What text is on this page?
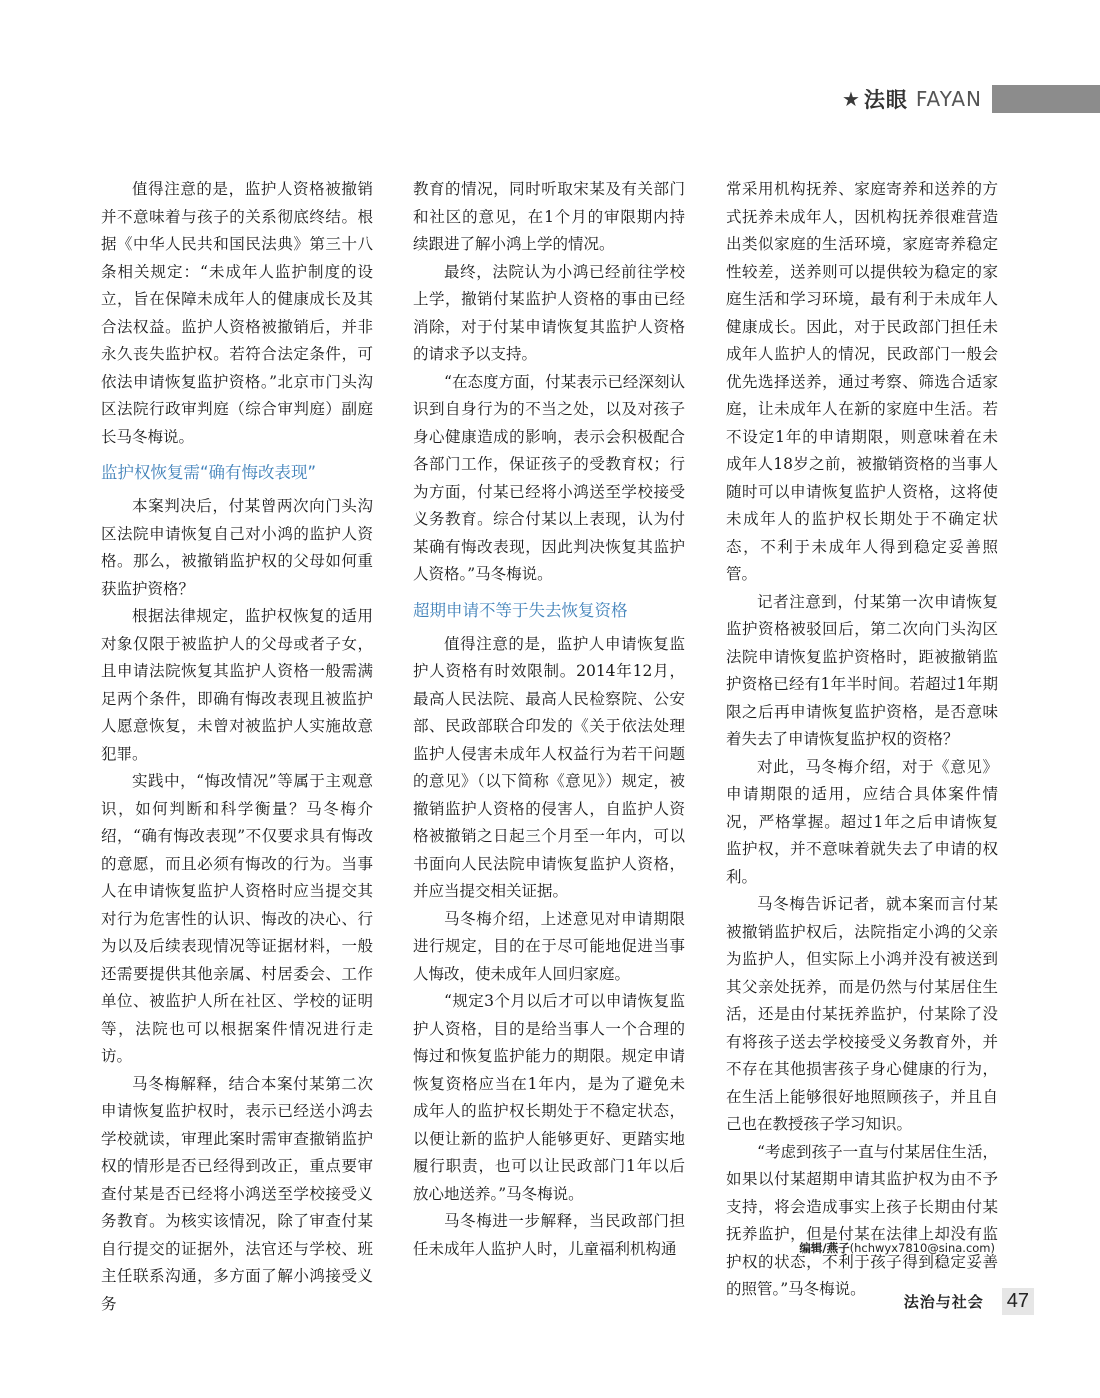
★ 法眼 FAYAN

值得注意的是，监护人资格被撤销并不意味着与孩子的关系彻底终结。根据《中华人民共和国民法典》第三十八条相关规定：“未成年人监护制度的设立，旨在保障未成年人的健康成长及其合法权益。监护人资格被撤销后，并非永久丧失监护权。若符合法定条件，可依法申请恢复监护资格。”北京市门头沟区法院行政审判庭（综合审判庭）副庭长马冬梅说。

监护权恢复需“确有悔改表现”

本案判决后，付某曾两次向门头沟区法院申请恢复自己对小鸿的监护人资格。那么，被撤销监护权的父母如何重获监护资格？

根据法律规定，监护权恢复的适用对象仅限于被监护人的父母或者子女，且申请法院恢复其监护人资格一般需满足两个条件，即确有悔改表现且被监护人愿意恢复，未曾对被监护人实施故意犯罪。

实践中，“悔改情况”等属于主观意识，如何判断和科学衡量？马冬梅介绍，“确有悔改表现”不仅要求具有悔改的意愿，而且必须有悔改的行为。当事人在申请恢复监护人资格时应当提交其对行为危害性的认识、悔改的决心、行为以及后续表现情况等证据材料，一般还需要提供其他亲属、村居委会、工作单位、被监护人所在社区、学校的证明等，法院也可以根据案件情况进行走访。

马冬梅解释，结合本案付某第二次申请恢复监护权时，表示已经送小鸿去学校就读，审理此案时需审查撤销监护权的情形是否已经得到改正，重点要审查付某是否已经将小鸿送至学校接受义务教育。为核实该情况，除了审查付某自行提交的证据外，法官还与学校、班主任联系沟通，多方面了解小鸿接受义务

教育的情况，同时听取宋某及有关部门和社区的意见，在1个月的审限期内持续跟进了解小鸿上学的情况。

最终，法院认为小鸿已经前往学校上学，撤销付某监护人资格的事由已经消除，对于付某申请恢复其监护人资格的请求予以支持。

“在态度方面，付某表示已经深刻认识到自身行为的不当之处，以及对孩子身心健康造成的影响，表示会积极配合各部门工作，保证孩子的受教育权；行为方面，付某已经将小鸿送至学校接受义务教育。综合付某以上表现，认为付某确有悔改表现，因此判决恢复其监护人资格。”马冬梅说。

超期申请不等于失去恢复资格

值得注意的是，监护人申请恢复监护人资格有时效限制。2014年12月，最高人民法院、最高人民检察院、公安部、民政部联合印发的《关于依法处理监护人侵害未成年人权益行为若干问题的意见》（以下简称《意见》）规定，被撤销监护人资格的侵害人，自监护人资格被撤销之日起三个月至一年内，可以书面向人民法院申请恢复监护人资格，并应当提交相关证据。

马冬梅介绍，上述意见对申请期限进行规定，目的在于尽可能地促进当事人悔改，使未成年人回归家庭。

“规定3个月以后才可以申请恢复监护人资格，目的是给当事人一个合理的悔过和恢复监护能力的期限。规定申请恢复资格应当在1年内，是为了避免未成年人的监护权长期处于不稳定状态，以便让新的监护人能够更好、更踏实地履行职责，也可以让民政部门1年以后放心地送养。”马冬梅说。

马冬梅进一步解释，当民政部门担任未成年人监护人时，儿童福利机构通

常采用机构抚养、家庭寄养和送养的方式抚养未成年人，因机构抚养很难营造出类似家庭的生活环境，家庭寄养稳定性较差，送养则可以提供较为稳定的家庭生活和学习环境，最有利于未成年人健康成长。因此，对于民政部门担任未成年人监护人的情况，民政部门一般会优先选择送养，通过考察、筛选合适家庭，让未成年人在新的家庭中生活。若不设定1年的申请期限，则意味着在未成年人18岁之前，被撤销资格的当事人随时可以申请恢复监护人资格，这将使未成年人的监护权长期处于不确定状态，不利于未成年人得到稳定妥善照管。

记者注意到，付某第一次申请恢复监护资格被驳回后，第二次向门头沟区法院申请恢复监护资格时，距被撤销监护资格已经有1年半时间。若超过1年期限之后再申请恢复监护资格，是否意味着失去了申请恢复监护权的资格？

对此，马冬梅介绍，对于《意见》申请期限的适用，应结合具体案件情况，严格掌握。超过1年之后申请恢复监护权，并不意味着就失去了申请的权利。

马冬梅告诉记者，就本案而言付某被撤销监护权后，法院指定小鸿的父亲为监护人，但实际上小鸿并没有被送到其父亲处抚养，而是仍然与付某居住生活，还是由付某抚养监护，付某除了没有将孩子送去学校接受义务教育外，并不存在其他损害孩子身心健康的行为，在生活上能够很好地照顾孩子，并且自己也在教授孩子学习知识。

“考虑到孩子一直与付某居住生活，如果以付某超期申请其监护权为由不予支持，将会造成事实上孩子长期由付某抚养监护，但是付某在法律上却没有监护权的状态，不利于孩子得到稳定妥善的照管。”马冬梅说。

编辑/燕子(hchwyx7810@sina.com)
法治与社会 47
